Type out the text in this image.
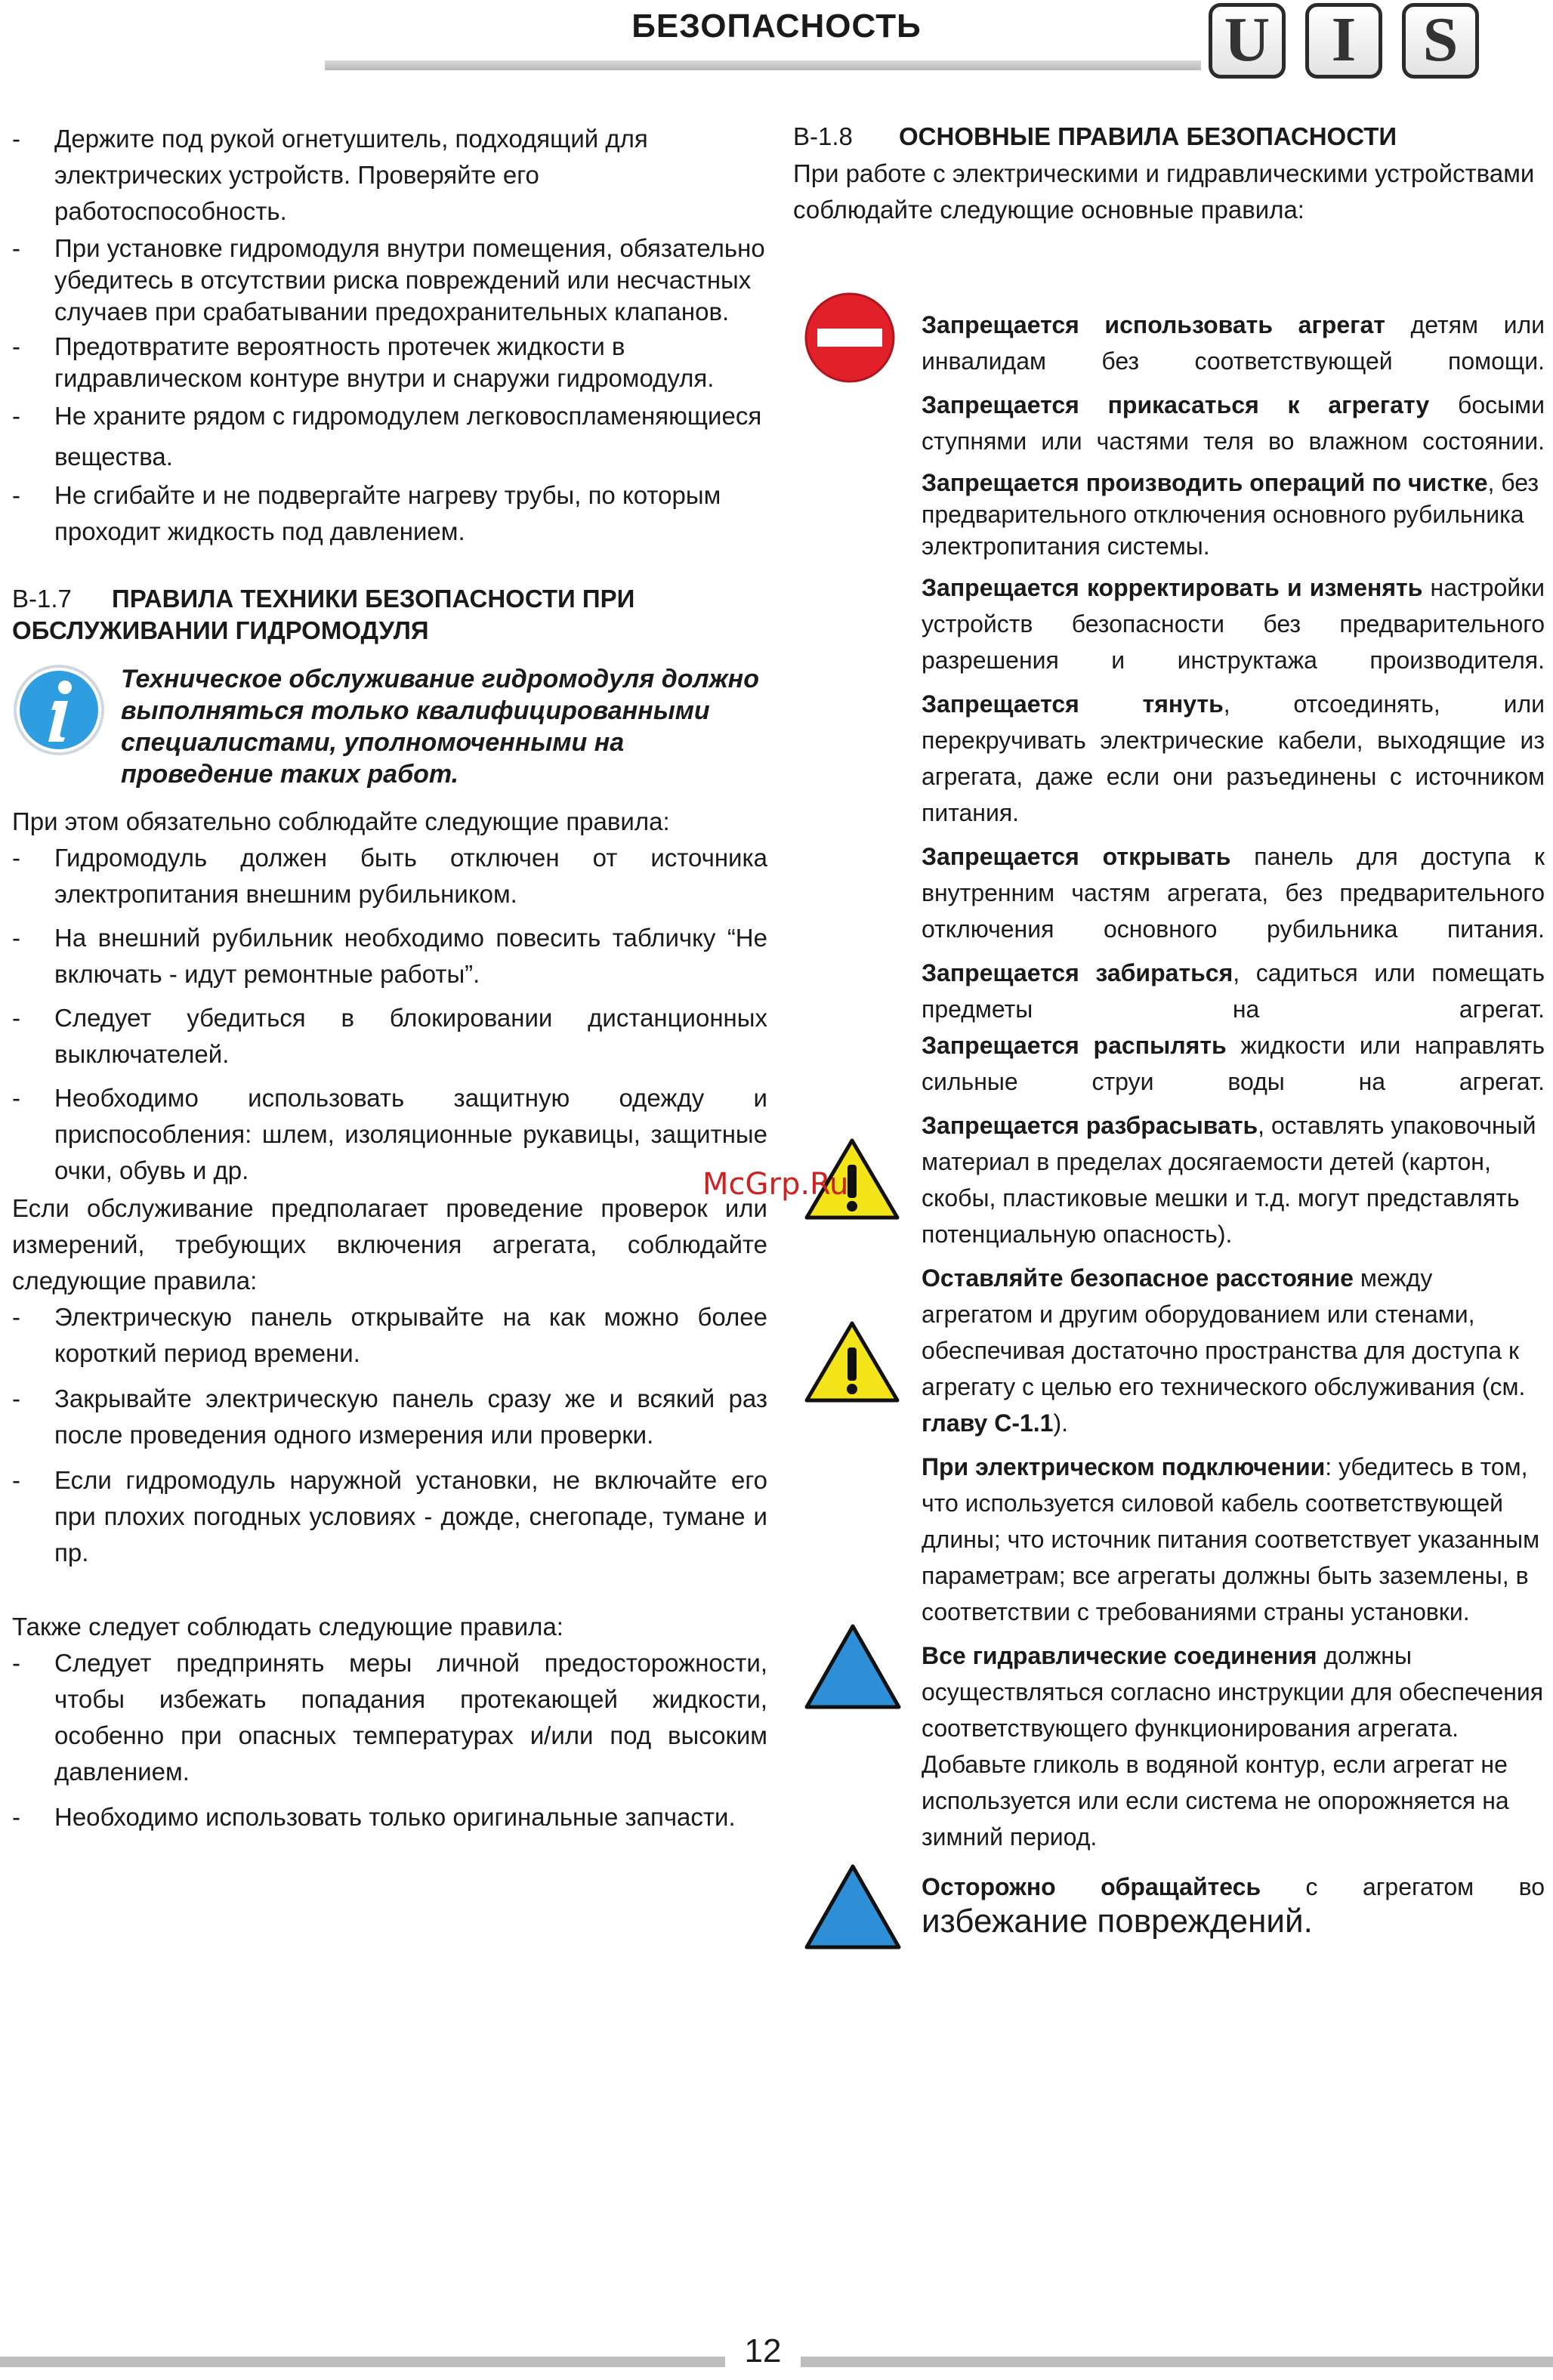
БЕЗОПАСНОСТЬ	U I	S

- Держите под рукой огнетушитель, подходящий для электрических устройств. Проверяйте его работоспособность.

- При установке гидромодуля внутри помещения, обязательно убедитесь в отсутствии риска повреждений или несчастных случаев при срабатывании предохранительных клапанов.

- Предотвратите вероятность протечек жидкости в гидравлическом контуре внутри и снаружи гидромодуля.

- Не храните рядом с гидромодулем легковоспламеняющиеся вещества.

- Не сгибайте и не подвергайте нагреву трубы, по которым проходит жидкость под давлением.

B-1.7 ПРАВИЛА ТЕХНИКИ БЕЗОПАСНОСТИ ПРИ ОБСЛУЖИВАНИИ ГИДРОМОДУЛЯ

Техническое обслуживание гидромодуля должно выполняться только квалифицированными специалистами, уполномоченными на проведение таких работ.

При этом обязательно соблюдайте следующие правила:

- Гидромодуль должен быть отключен от источника электропитания внешним рубильником.

- На внешний рубильник необходимо повесить табличку “Не включать - идут ремонтные работы”.

- Следует убедиться в блокировании дистанционных выключателей.

- Необходимо использовать защитную одежду и приспособления: шлем, изоляционные рукавицы, защитные очки, обувь и др.

Если обслуживание предполагает проведение проверок или измерений, требующих включения агрегата, соблюдайте следующие правила:

- Электрическую панель открывайте на как можно более короткий период времени.

- Закрывайте электрическую панель сразу же и всякий раз после проведения одного измерения или проверки.

- Если гидромодуль наружной установки, не включайте его при плохих погодных условиях - дожде, снегопаде, тумане и пр.

Также следует соблюдать следующие правила:

- Следует предпринять меры личной предосторожности, чтобы избежать попадания протекающей жидкости, особенно при опасных температурах и/или под высоким давлением.

- Необходимо использовать только оригинальные запчасти.

B-1.8 ОСНОВНЫЕ ПРАВИЛА БЕЗОПАСНОСТИ

При работе с электрическими и гидравлическими устройствами соблюдайте следующие основные правила:

Запрещается использовать агрегат детям или инвалидам без соответствующей помощи.

Запрещается прикасаться к агрегату босыми ступнями или частями теля во влажном состоянии.

Запрещается производить операций по чистке, без предварительного отключения основного рубильника электропитания системы.

Запрещается корректировать и изменять настройки устройств безопасности без предварительного разрешения и инструктажа производителя.

Запрещается тянуть, отсоединять, или перекручивать электрические кабели, выходящие из агрегата, даже если они разъединены с источником питания.

Запрещается открывать панель для доступа к внутренним частям агрегата, без предварительного отключения основного рубильника питания.

Запрещается забираться, садиться или помещать предметы на агрегат.

Запрещается распылять жидкости или направлять сильные струи воды на агрегат.

Запрещается разбрасывать, оставлять упаковочный материал в пределах досягаемости детей (картон, скобы, пластиковые мешки и т.д. могут представлять потенциальную опасность).

Оставляйте безопасное расстояние между агрегатом и другим оборудованием или стенами, обеспечивая достаточно пространства для доступа к агрегату с целью его технического обслуживания (см. главу С-1.1).

При электрическом подключении: убедитесь в том, что используется силовой кабель соответствующей длины; что источник питания соответствует указанным параметрам; все агрегаты должны быть заземлены, в соответствии с требованиями страны установки.

Все гидравлические соединения должны осуществляться согласно инструкции для обеспечения соответствующего функционирования агрегата. Добавьте гликоль в водяной контур, если агрегат не используется или если система не опорожняется на зимний период.

Осторожно обращайтесь с агрегатом во

избежание повреждений.

McGrp.Ru
12
